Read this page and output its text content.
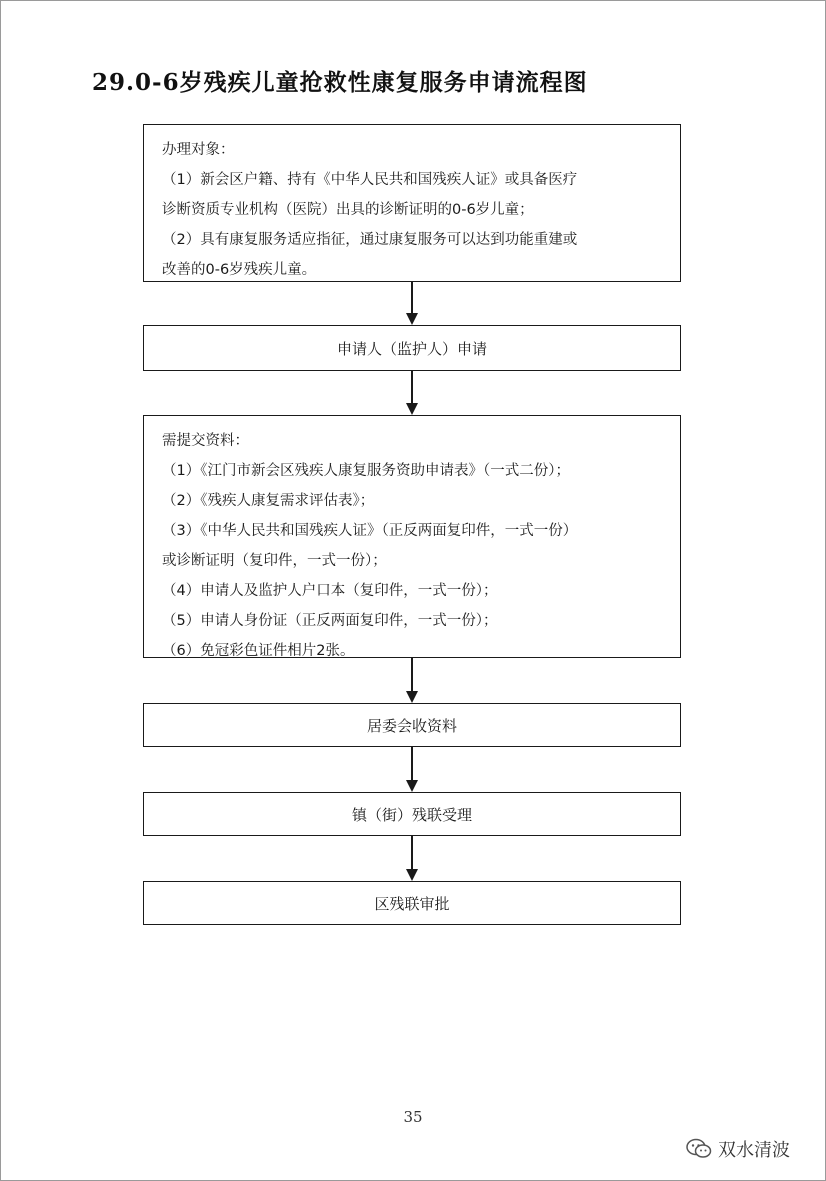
29.0-6岁残疾儿童抢救性康复服务申请流程图
办理对象：
（1）新会区户籍、持有《中华人民共和国残疾人证》或具备医疗
诊断资质专业机构（医院）出具的诊断证明的0-6岁儿童；
（2）具有康复服务适应指征，通过康复服务可以达到功能重建或
改善的0-6岁残疾儿童。
申请人（监护人）申请
需提交资料：
（1）《江门市新会区残疾人康复服务资助申请表》（一式二份）；
（2）《残疾人康复需求评估表》；
（3）《中华人民共和国残疾人证》（正反两面复印件，一式一份）
或诊断证明（复印件，一式一份）；
（4）申请人及监护人户口本（复印件，一式一份）；
（5）申请人身份证（正反两面复印件，一式一份）；
（6）免冠彩色证件相片2张。
居委会收资料
镇（街）残联受理
区残联审批
35
双水清波
